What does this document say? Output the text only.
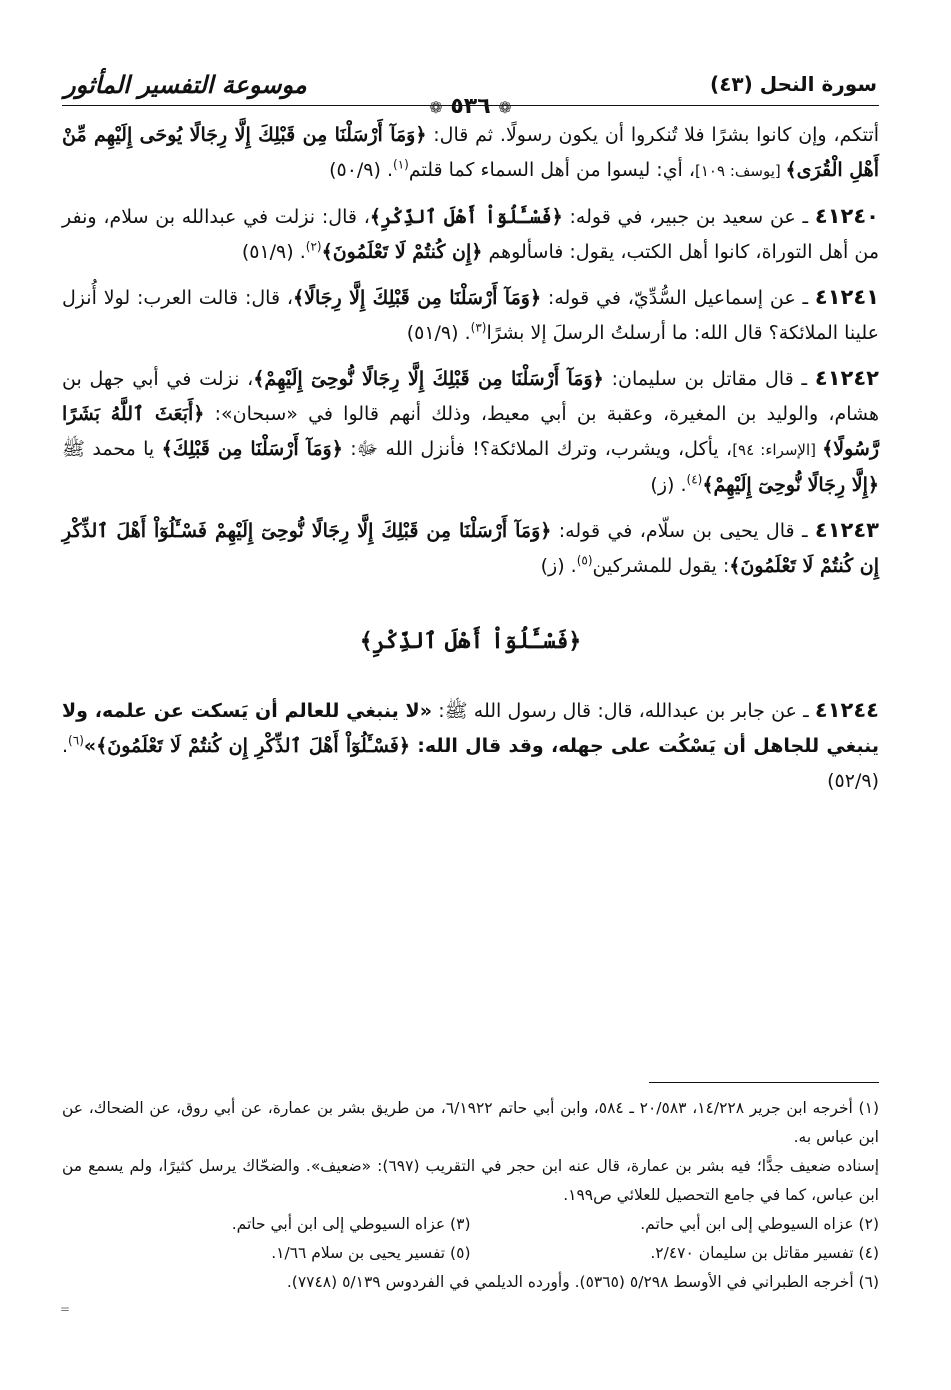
موسوعة التفسير المأثور
❁ ٥٣٦ ❁
سورة النحل (٤٣)

أتتكم، وإن كانوا بشرًا فلا تُنكروا أن يكون رسولًا. ثم قال: ﴿وَمَآ أَرْسَلْنَا مِن قَبْلِكَ إِلَّا رِجَالًا يُوحَى إِلَيْهِم مِّنْ أَهْلِ الْقُرَى﴾ [يوسف: ١٠٩]، أي: ليسوا من أهل السماء كما قلتم$^{(١)}$. (٥٠/٩)

٤١٢٤٠ ـ عن سعيد بن جبير، في قوله: ﴿فَسْـَٔلُوٓاْ أَهْلَ ٱلذِّكْرِ﴾، قال: نزلت في عبدالله بن سلام، ونفر من أهل التوراة، كانوا أهل الكتب، يقول: فاسألوهم ﴿إِن كُنتُمْ لَا تَعْلَمُونَ﴾$^{(٢)}$. (٥١/٩)

٤١٢٤١ ـ عن إسماعيل السُّدِّيّ، في قوله: ﴿وَمَآ أَرْسَلْنَا مِن قَبْلِكَ إِلَّا رِجَالًا﴾، قال: قالت العرب: لولا أُنزل علينا الملائكة؟ قال الله: ما أرسلتُ الرسلَ إلا بشرًا$^{(٣)}$. (٥١/٩)

٤١٢٤٢ ـ قال مقاتل بن سليمان: ﴿وَمَآ أَرْسَلْنَا مِن قَبْلِكَ إِلَّا رِجَالًا نُّوحِىٓ إِلَيْهِمْ﴾، نزلت في أبي جهل بن هشام، والوليد بن المغيرة، وعقبة بن أبي معيط، وذلك أنهم قالوا في «سبحان»: ﴿أَبَعَثَ ٱللَّهُ بَشَرًا رَّسُولًا﴾ [الإسراء: ٩٤]، يأكل، ويشرب، وترك الملائكة؟! فأنزل الله ﷻ: ﴿وَمَآ أَرْسَلْنَا مِن قَبْلِكَ﴾ يا محمد ﷺ ﴿إِلَّا رِجَالًا نُّوحِىٓ إِلَيْهِمْ﴾$^{(٤)}$. (ز)

٤١٢٤٣ ـ قال يحيى بن سلّام، في قوله: ﴿وَمَآ أَرْسَلْنَا مِن قَبْلِكَ إِلَّا رِجَالًا نُّوحِىٓ إِلَيْهِمْ فَسْـَٔلُوٓاْ أَهْلَ ٱلذِّكْرِ إِن كُنتُمْ لَا تَعْلَمُونَ﴾: يقول للمشركين$^{(٥)}$. (ز)

﴿فَسْـَٔلُوٓاْ أَهْلَ ٱلذِّكْرِ﴾

٤١٢٤٤ ـ عن جابر بن عبدالله، قال: قال رسول الله ﷺ: «لا ينبغي للعالم أن يَسكت عن علمه، ولا ينبغي للجاهل أن يَسْكُت على جهله، وقد قال الله: ﴿فَسْـَٔلُوٓاْ أَهْلَ ٱلذِّكْرِ إِن كُنتُمْ لَا تَعْلَمُونَ﴾»$^{(٦)}$. (٥٢/٩)

(١) أخرجه ابن جرير ١٤/٢٢٨، ٢٠/٥٨٣ ـ ٥٨٤، وابن أبي حاتم ٦/١٩٢٢، من طريق بشر بن عمارة، عن أبي روق، عن الضحاك، عن ابن عباس به.

إسناده ضعيف جدًّا؛ فيه بشر بن عمارة، قال عنه ابن حجر في التقريب (٦٩٧): «ضعيف». والضحّاك يرسل كثيرًا، ولم يسمع من ابن عباس، كما في جامع التحصيل للعلائي ص١٩٩.

(٢) عزاه السيوطي إلى ابن أبي حاتم.
(٣) عزاه السيوطي إلى ابن أبي حاتم.
(٤) تفسير مقاتل بن سليمان ٢/٤٧٠.
(٥) تفسير يحيى بن سلام ١/٦٦.

(٦) أخرجه الطبراني في الأوسط ٥/٢٩٨ (٥٣٦٥). وأورده الديلمي في الفردوس ٥/١٣٩ (٧٧٤٨).

=
